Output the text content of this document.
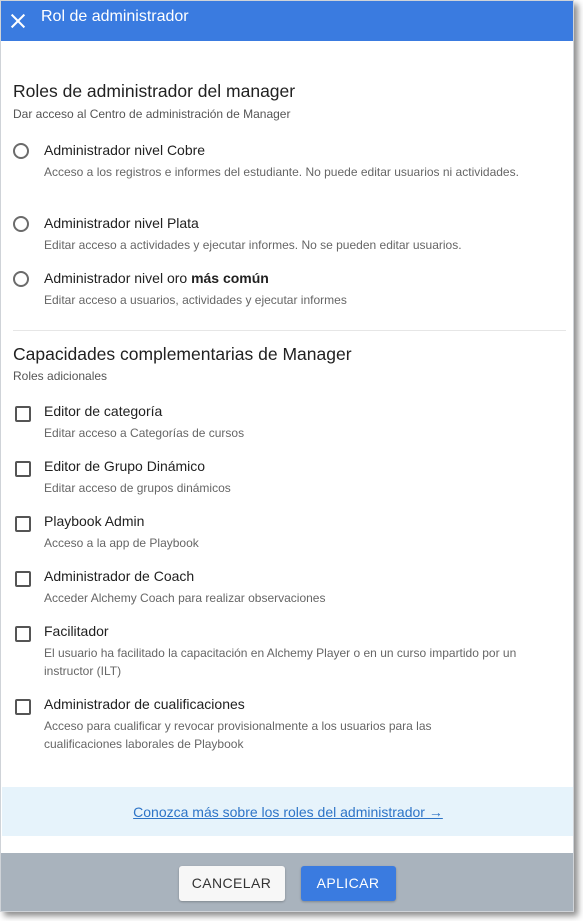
Rol de administrador
Roles de administrador del manager
Dar acceso al Centro de administración de Manager
Administrador nivel Cobre
Acceso a los registros e informes del estudiante. No puede editar usuarios ni actividades.
Administrador nivel Plata
Editar acceso a actividades y ejecutar informes. No se pueden editar usuarios.
Administrador nivel oro más común
Editar acceso a usuarios, actividades y ejecutar informes
Capacidades complementarias de Manager
Roles adicionales
Editor de categoría
Editar acceso a Categorías de cursos
Editor de Grupo Dinámico
Editar acceso de grupos dinámicos
Playbook Admin
Acceso a la app de Playbook
Administrador de Coach
Acceder Alchemy Coach para realizar observaciones
Facilitador
El usuario ha facilitado la capacitación en Alchemy Player o en un curso impartido por un instructor (ILT)
Administrador de cualificaciones
Acceso para cualificar y revocar provisionalmente a los usuarios para las cualificaciones laborales de Playbook
Conozca más sobre los roles del administrador →
CANCELAR	APLICAR
